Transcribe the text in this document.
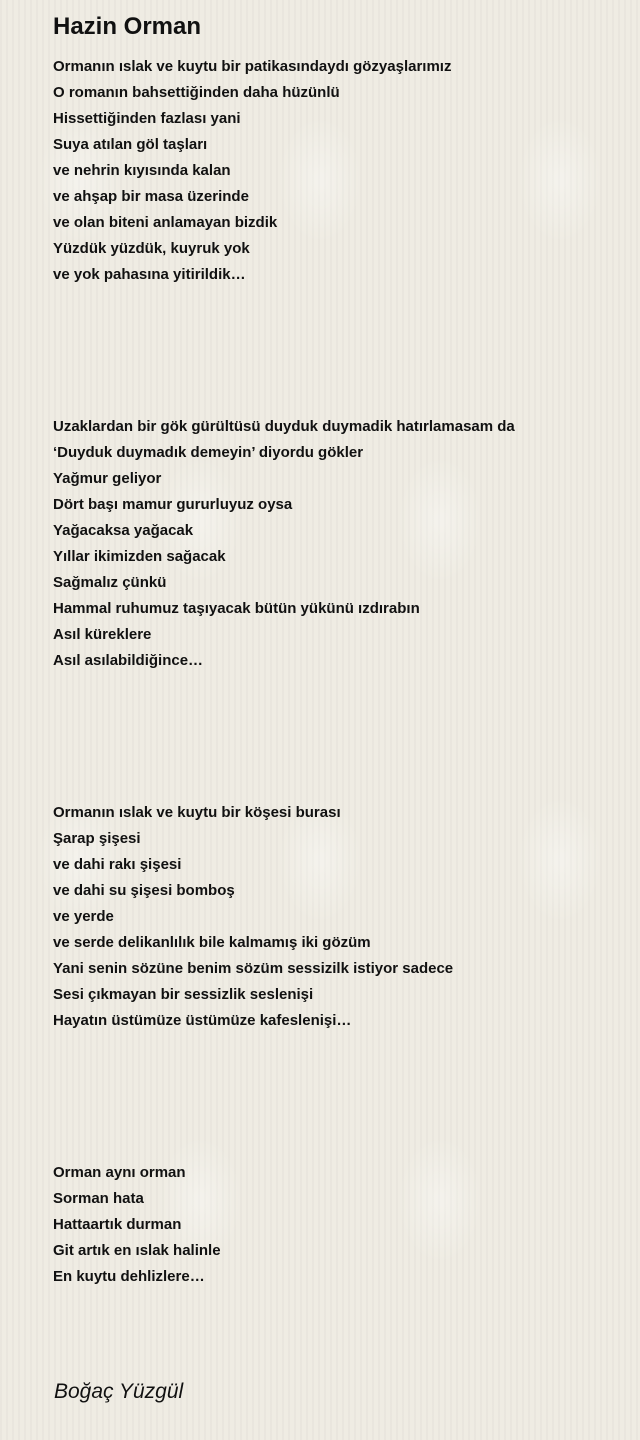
Hazin Orman
Ormanın ıslak ve kuytu bir patikasındaydı gözyaşlarımız
O romanın bahsettiğinden daha hüzünlü
Hissettiğinden fazlası yani
Suya atılan göl taşları
ve nehrin kıyısında kalan
ve ahşap bir masa üzerinde
ve olan biteni anlamayan bizdik
Yüzdük yüzdük, kuyruk yok
ve yok pahasına yitirildik…
Uzaklardan bir gök gürültüsü duyduk duymadik hatırlamasam da
‘Duyduk duymadık demeyin’ diyordu gökler
Yağmur geliyor
Dört başı mamur gururluyuz oysa
Yağacaksa yağacak
Yıllar ikimizden sağacak
Sağmalız çünkü
Hammal ruhumuz taşıyacak bütün yükünü ızdırabın
Asıl küreklere
Asıl asılabildiğince…
Ormanın ıslak ve kuytu bir köşesi burası
Şarap şişesi
ve dahi rakı şişesi
ve dahi su şişesi bomboş
ve yerde
ve serde delikanlılık bile kalmamış iki gözüm
Yani senin sözüne benim sözüm sessizilk istiyor sadece
Sesi çıkmayan bir sessizlik seslenişi
Hayatın üstümüze üstümüze kafeslenişi…
Orman aynı orman
Sorman hata
Hattaartık durman
Git artık en ıslak halinle
En kuytu dehlizlere…
Boğaç Yüzgül
